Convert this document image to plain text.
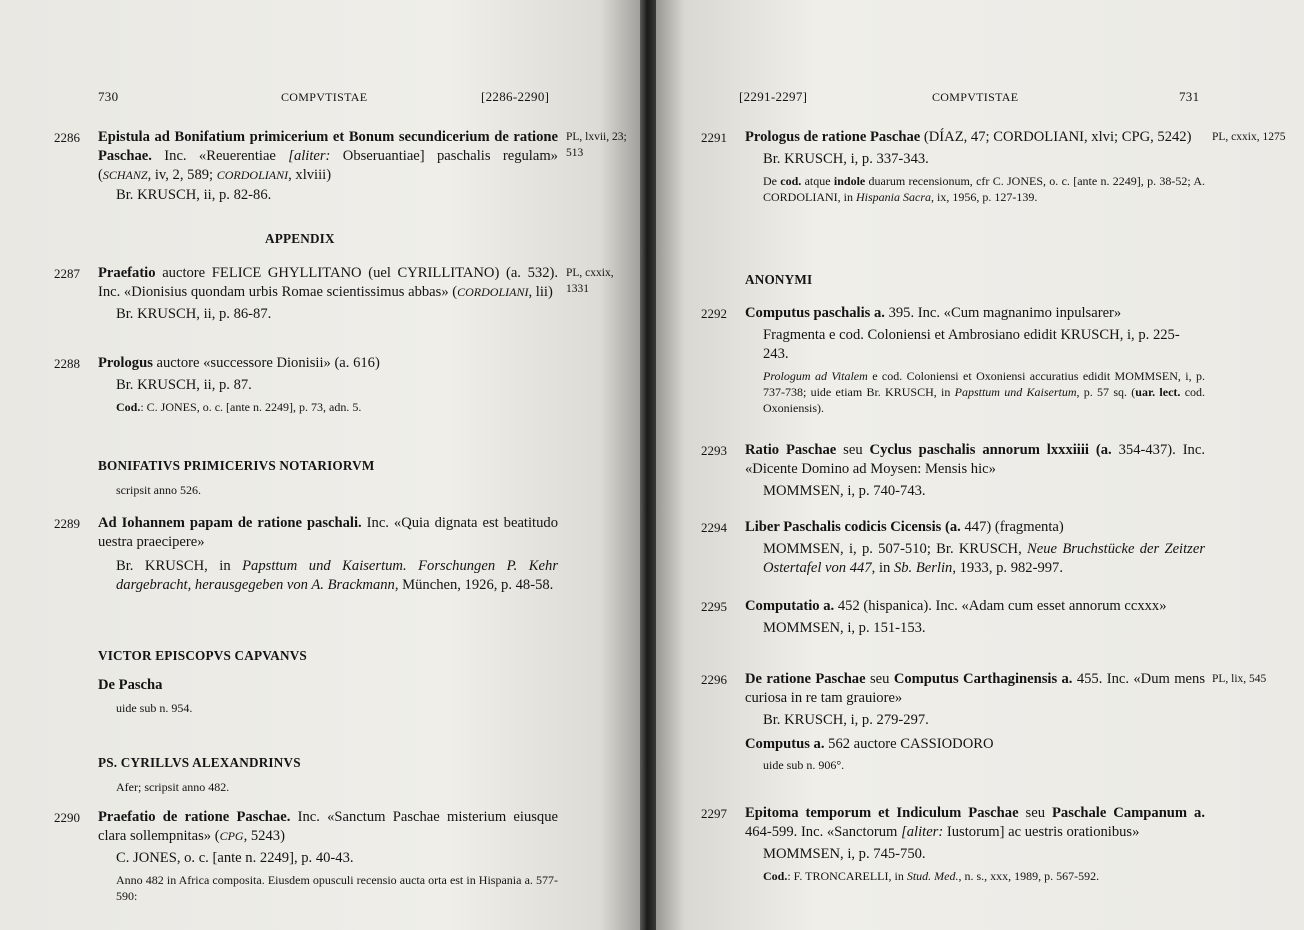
730	COMPVTISTAE	[2286-2290]
2286 Epistula ad Bonifatium primicerium et Bonum secundicerium de ratione Paschae. Inc. «Reuerentiae [aliter: Obseruantiae] paschalis regulam» (SCHANZ, iv, 2, 589; CORDOLIANI, xlviii)
Br. KRUSCH, ii, p. 82-86.
PL, lxvii, 23; 513
APPENDIX
2287 Praefatio auctore FELICE GHYLLITANO (uel CYRILLITANO) (a. 532). Inc. «Dionisius quondam urbis Romae scientissimus abbas» (CORDOLIANI, lii)
Br. KRUSCH, ii, p. 86-87.
PL, cxxix, 1331
2288 Prologus auctore «successore Dionisii» (a. 616)
Br. KRUSCH, ii, p. 87.
Cod.: C. JONES, o. c. [ante n. 2249], p. 73, adn. 5.
BONIFATIVS PRIMICERIVS NOTARIORVM
scripsit anno 526.
2289 Ad Iohannem papam de ratione paschali. Inc. «Quia dignata est beatitudo uestra praecipere»
Br. KRUSCH, in Papsttum und Kaisertum. Forschungen P. Kehr dargebracht, herausgegeben von A. Brackmann, München, 1926, p. 48-58.
VICTOR EPISCOPVS CAPVANVS
De Pascha
uide sub n. 954.
PS. CYRILLVS ALEXANDRINVS
Afer; scripsit anno 482.
2290 Praefatio de ratione Paschae. Inc. «Sanctum Paschae misterium eiusque clara sollempnitas» (CPG, 5243)
C. JONES, o. c. [ante n. 2249], p. 40-43.
Anno 482 in Africa composita. Eiusdem opusculi recensio aucta orta est in Hispania a. 577-590:
[2291-2297]	COMPVTISTAE	731
2291 Prologus de ratione Paschae (DÍAZ, 47; CORDOLIANI, xlvi; CPG, 5242)
Br. KRUSCH, i, p. 337-343.
De cod. atque indole duarum recensionum, cfr C. JONES, o. c. [ante n. 2249], p. 38-52; A. CORDOLIANI, in Hispania Sacra, ix, 1956, p. 127-139.
PL, cxxix, 1275
ANONYMI
2292 Computus paschalis a. 395. Inc. «Cum magnanimo inpulsarer»
Fragmenta e cod. Coloniensi et Ambrosiano edidit KRUSCH, i, p. 225-243.
Prologum ad Vitalem e cod. Coloniensi et Oxoniensi accuratius edidit MOMMSEN, i, p. 737-738; uide etiam Br. KRUSCH, in Papsttum und Kaisertum, p. 57 sq. (uar. lect. cod. Oxoniensis).
2293 Ratio Paschae seu Cyclus paschalis annorum lxxxiiii (a. 354-437). Inc. «Dicente Domino ad Moysen: Mensis hic»
MOMMSEN, i, p. 740-743.
2294 Liber Paschalis codicis Cicensis (a. 447) (fragmenta)
MOMMSEN, i, p. 507-510; Br. KRUSCH, Neue Bruchstücke der Zeitzer Ostertafel von 447, in Sb. Berlin, 1933, p. 982-997.
2295 Computatio a. 452 (hispanica). Inc. «Adam cum esset annorum ccxxx»
MOMMSEN, i, p. 151-153.
2296 De ratione Paschae seu Computus Carthaginensis a. 455. Inc. «Dum mens curiosa in re tam grauiore»
Br. KRUSCH, i, p. 279-297.
Computus a. 562 auctore CASSIODORO
uide sub n. 906°.
PL, lix, 545
2297 Epitoma temporum et Indiculum Paschae seu Paschale Campanum a. 464-599. Inc. «Sanctorum [aliter: Iustorum] ac uestris orationibus»
MOMMSEN, i, p. 745-750.
Cod.: F. TRONCARELLI, in Stud. Med., n. s., xxx, 1989, p. 567-592.
